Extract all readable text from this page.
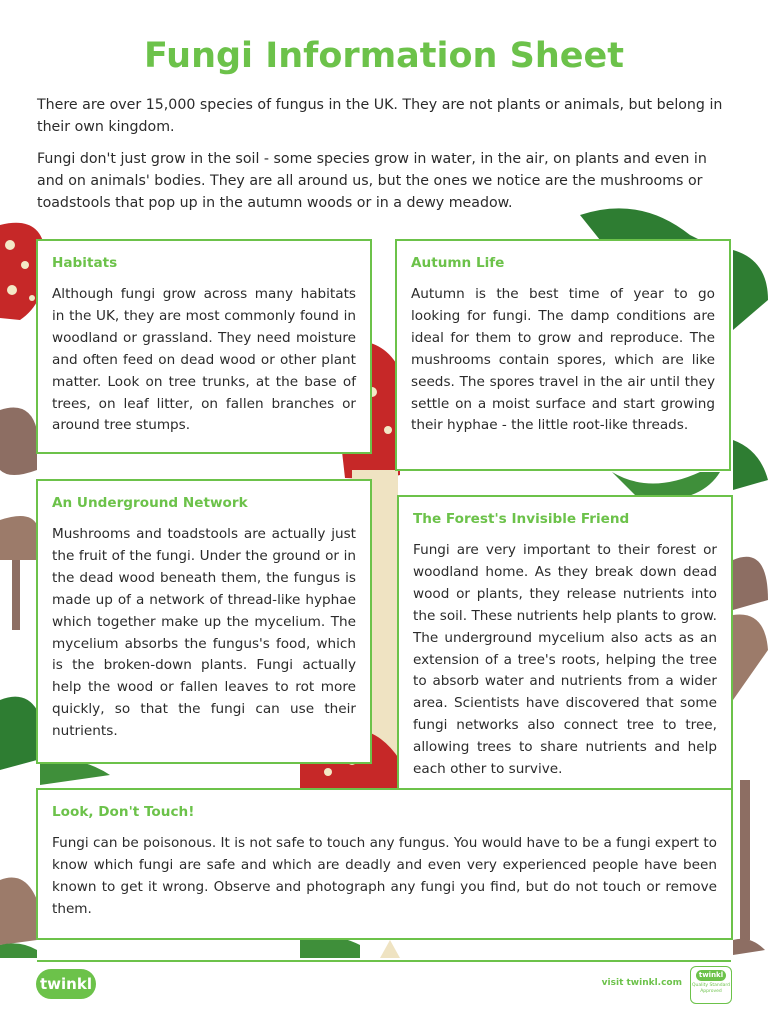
Fungi Information Sheet

There are over 15,000 species of fungus in the UK. They are not plants or animals, but belong in their own kingdom.

Fungi don't just grow in the soil - some species grow in water, in the air, on plants and even in and on animals' bodies. They are all around us, but the ones we notice are the mushrooms or toadstools that pop up in the autumn woods or in a dewy meadow.

Habitats

Although fungi grow across many habitats in the UK, they are most commonly found in woodland or grassland. They need moisture and often feed on dead wood or other plant matter. Look on tree trunks, at the base of trees, on leaf litter, on fallen branches or around tree stumps.

Autumn Life

Autumn is the best time of year to go looking for fungi. The damp conditions are ideal for them to grow and reproduce. The mushrooms contain spores, which are like seeds. The spores travel in the air until they settle on a moist surface and start growing their hyphae - the little root-like threads.

An Underground Network

Mushrooms and toadstools are actually just the fruit of the fungi. Under the ground or in the dead wood beneath them, the fungus is made up of a network of thread-like hyphae which together make up the mycelium. The mycelium absorbs the fungus's food, which is the broken-down plants. Fungi actually help the wood or fallen leaves to rot more quickly, so that the fungi can use their nutrients.

The Forest's Invisible Friend

Fungi are very important to their forest or woodland home. As they break down dead wood or plants, they release nutrients into the soil. These nutrients help plants to grow. The underground mycelium also acts as an extension of a tree's roots, helping the tree to absorb water and nutrients from a wider area. Scientists have discovered that some fungi networks also connect tree to tree, allowing trees to share nutrients and help each other to survive.

Look, Don't Touch!

Fungi can be poisonous. It is not safe to touch any fungus. You would have to be a fungi expert to know which fungi are safe and which are deadly and even very experienced people have been known to get it wrong. Observe and photograph any fungi you find, but do not touch or remove them.

twinkl	visit twinkl.com
twinkl
Quality Standard Approved
